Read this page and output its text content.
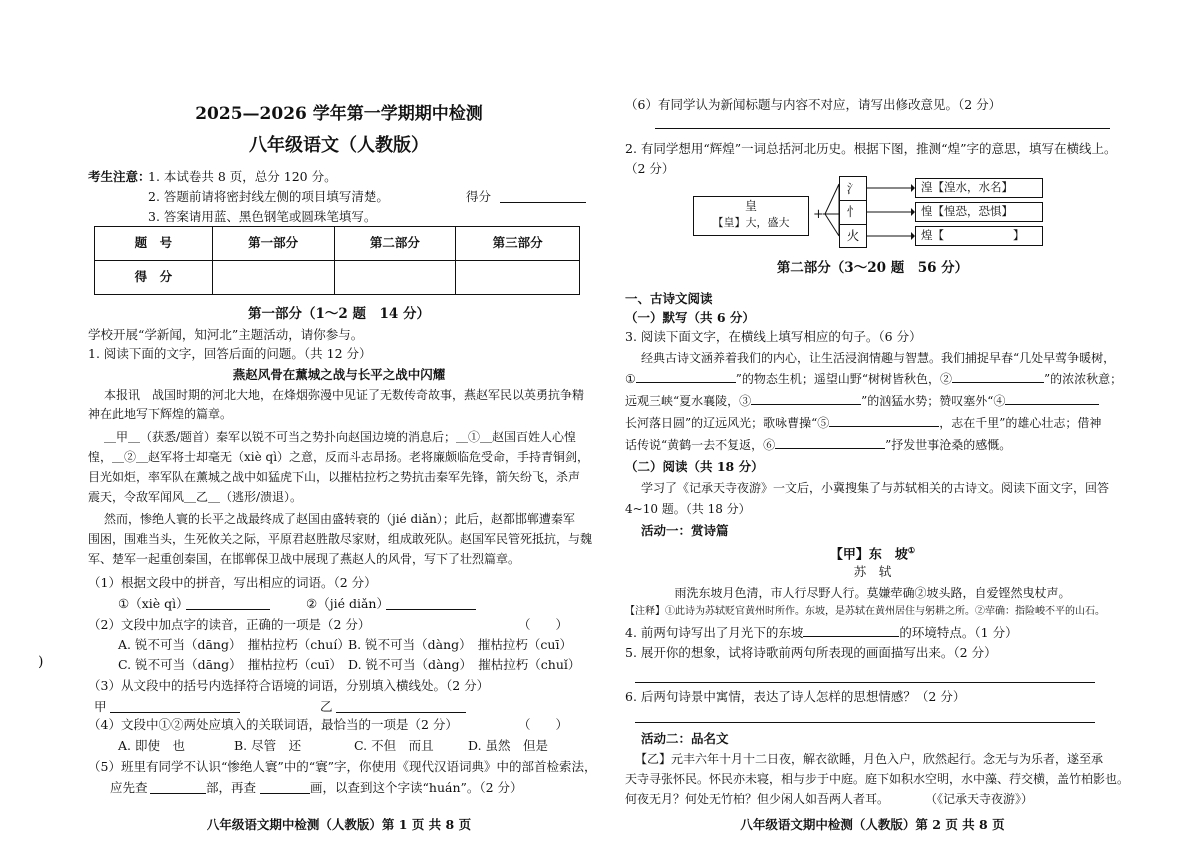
)
2025—2026 学年第一学期期中检测
八年级语文（人教版）
考生注意：
1. 本试卷共 8 页，总分 120 分。
2. 答题前请将密封线左侧的项目填写清楚。	得分
3. 答案请用蓝、黑色钢笔或圆珠笔填写。
题　号	第一部分	第二部分	第三部分
得　分			
第一部分（1～2 题　14 分）
学校开展“学新闻，知河北”主题活动，请你参与。
1. 阅读下面的文字，回答后面的问题。（共 12 分）
燕赵风骨在薰城之战与长平之战中闪耀
本报讯　战国时期的河北大地，在烽烟弥漫中见证了无数传奇故事，燕赵军民以英勇抗争精
神在此地写下辉煌的篇章。
＿甲＿（获悉/题首）秦军以锐不可当之势扑向赵国边境的消息后；＿①＿赵国百姓人心惶
惶，＿②＿赵军将士却毫无（xiè qì）之意，反而斗志昂扬。老将廉颇临危受命，手持青铜剑，
目光如炬，率军队在薰城之战中如猛虎下山，以摧枯拉朽之势抗击秦军先锋，箭矢纷飞，杀声
震天，令敌军闻风＿乙＿（逃形/溃退）。
然而，惨绝人寰的长平之战最终成了赵国由盛转衰的（jié diǎn）；此后，赵都邯郸遭秦军
围困，围难当头，生死攸关之际，平原君赵胜散尽家财，组成敢死队。赵国军民管死抵抗，与魏
军、楚军一起重创秦国，在邯郸保卫战中展现了燕赵人的风骨，写下了壮烈篇章。
（1）根据文段中的拼音，写出相应的词语。（2 分）
①（xiè qì）	②（jié diǎn）
（2）文段中加点字的读音，正确的一项是（2 分）	（　　）
A. 锐不可当（dāng）　摧枯拉朽（chuí）
B. 锐不可当（dàng）　摧枯拉朽（cuī）
C. 锐不可当（dāng）　摧枯拉朽（cuī） D. 锐不可当（dàng）　摧枯拉朽（chuǐ）
（3）从文段中的括号内选择符合语境的词语，分别填入横线处。（2 分）
甲	乙
（4）文段中①②两处应填入的关联词语，最恰当的一项是（2 分）	（　　）
A. 即使　也	B. 尽管　还	C. 不但　而且	D. 虽然　但是
（5）班里有同学不认识“惨绝人寰”中的“寰”字，你使用《现代汉语词典》中的部首检索法，
应先查	部，再查	画，以查到这个字读“huán”。（2 分）
八年级语文期中检测（人教版）第 1 页 共 8 页
（6）有同学认为新闻标题与内容不对应，请写出修改意见。（2 分）
2. 有同学想用“辉煌”一词总括河北历史。根据下图，推测“煌”字的意思，填写在横线上。
（2 分）
皇
【皇】大，盛大
+
氵
忄
火
湟【湟水，水名】
惶【惶恐，恐惧】
煌【　　　　　　】
第二部分（3～20 题　56 分）
一、古诗文阅读
（一）默写（共 6 分）
3. 阅读下面文字，在横线上填写相应的句子。（6 分）
经典古诗文涵养着我们的内心，让生活浸润情趣与智慧。我们捕捉早春“几处早莺争暖树，
①	”的物态生机；遥望山野“树树皆秋色，②	”的浓浓秋意；
远观三峡“夏水襄陵，③	”的汹猛水势；赞叹塞外“④
长河落日圆”的辽远风光；歌咏曹操“⑤	，志在千里”的雄心壮志；借神
话传说“黄鹤一去不复返，⑥	”抒发世事沧桑的感慨。
（二）阅读（共 18 分）
学习了《记承天寺夜游》一文后，小冀搜集了与苏轼相关的古诗文。阅读下面文字，回答
4~10 题。（共 18 分）
活动一：赏诗篇
【甲】东　坡①
苏　轼
雨洗东坡月色清，市人行尽野人行。莫嫌荦确②坡头路，自爱铿然曳杖声。
【注释】①此诗为苏轼贬官黄州时所作。东坡，是苏轼在黄州居住与躬耕之所。②荦确：指险峻不平的山石。
4. 前两句诗写出了月光下的东坡	的环境特点。（1 分）
5. 展开你的想象，试将诗歌前两句所表现的画面描写出来。（2 分）
6. 后两句诗景中寓情，表达了诗人怎样的思想情感？（2 分）
活动二：品名文
【乙】元丰六年十月十二日夜，解衣欲睡，月色入户，欣然起行。念无与为乐者，遂至承
天寺寻张怀民。怀民亦未寝，相与步于中庭。庭下如积水空明，水中藻、荇交横，盖竹柏影也。
何夜无月？何处无竹柏？但少闲人如吾两人者耳。　　　　（《记承天寺夜游》）
八年级语文期中检测（人教版）第 2 页 共 8 页
